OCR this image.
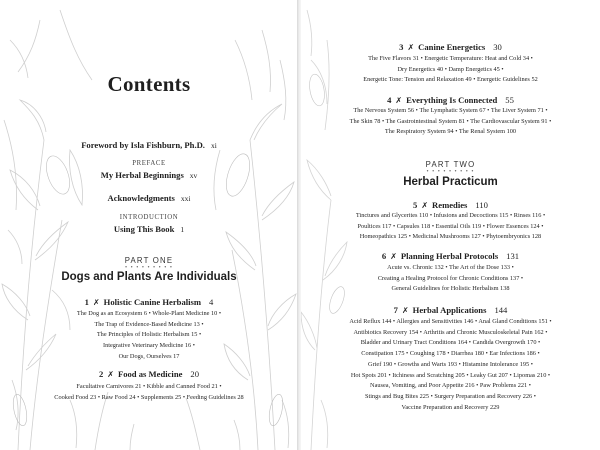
Contents
Foreword by Isla Fishburn, Ph.D. xi
PREFACE
My Herbal Beginnings xv
Acknowledgments xxi
INTRODUCTION
Using This Book 1
PART ONE
• • • • • • • • •
Dogs and Plants Are Individuals
1 ✗ Holistic Canine Herbalism 4
The Dog as an Ecosystem 6 • Whole-Plant Medicine 10 •
The Trap of Evidence-Based Medicine 13 •
The Principles of Holistic Herbalism 15 •
Integrative Veterinary Medicine 16 •
Our Dogs, Ourselves 17
2 ✗ Food as Medicine 20
Facultative Carnivores 21 • Kibble and Canned Food 21 •
Cooked Food 23 • Raw Food 24 • Supplements 25 • Feeding Guidelines 28
3 ✗ Canine Energetics 30
The Five Flavors 31 • Energetic Temperature: Heat and Cold 34 •
Dry Energetics 40 • Damp Energetics 45 •
Energetic Tone: Tension and Relaxation 49 • Energetic Guidelines 52
4 ✗ Everything Is Connected 55
The Nervous System 56 • The Lymphatic System 67 • The Liver System 71 •
The Skin 78 • The Gastrointestinal System 81 • The Cardiovascular System 91 •
The Respiratory System 94 • The Renal System 100
PART TWO
• • • • • • • • •
Herbal Practicum
5 ✗ Remedies 110
Tinctures and Glycerites 110 • Infusions and Decoctions 115 • Rinses 116 •
Poultices 117 • Capsules 118 • Essential Oils 119 • Flower Essences 124 •
Homeopathics 125 • Medicinal Mushrooms 127 • Phytoembryonics 128
6 ✗ Planning Herbal Protocols 131
Acute vs. Chronic 132 • The Art of the Dose 133 •
Creating a Healing Protocol for Chronic Conditions 137 •
General Guidelines for Holistic Herbalism 138
7 ✗ Herbal Applications 144
Acid Reflux 144 • Allergies and Sensitivities 146 • Anal Gland Conditions 151 •
Antibiotics Recovery 154 • Arthritis and Chronic Musculoskeletal Pain 162 •
Bladder and Urinary Tract Conditions 164 • Candida Overgrowth 170 •
Constipation 175 • Coughing 178 • Diarrhea 180 • Ear Infections 186 •
Grief 190 • Growths and Warts 193 • Histamine Intolerance 195 •
Hot Spots 201 • Itchiness and Scratching 205 • Leaky Gut 207 • Lipomas 210 •
Nausea, Vomiting, and Poor Appetite 216 • Paw Problems 221 •
Stings and Bug Bites 225 • Surgery Preparation and Recovery 226 •
Vaccine Preparation and Recovery 229
